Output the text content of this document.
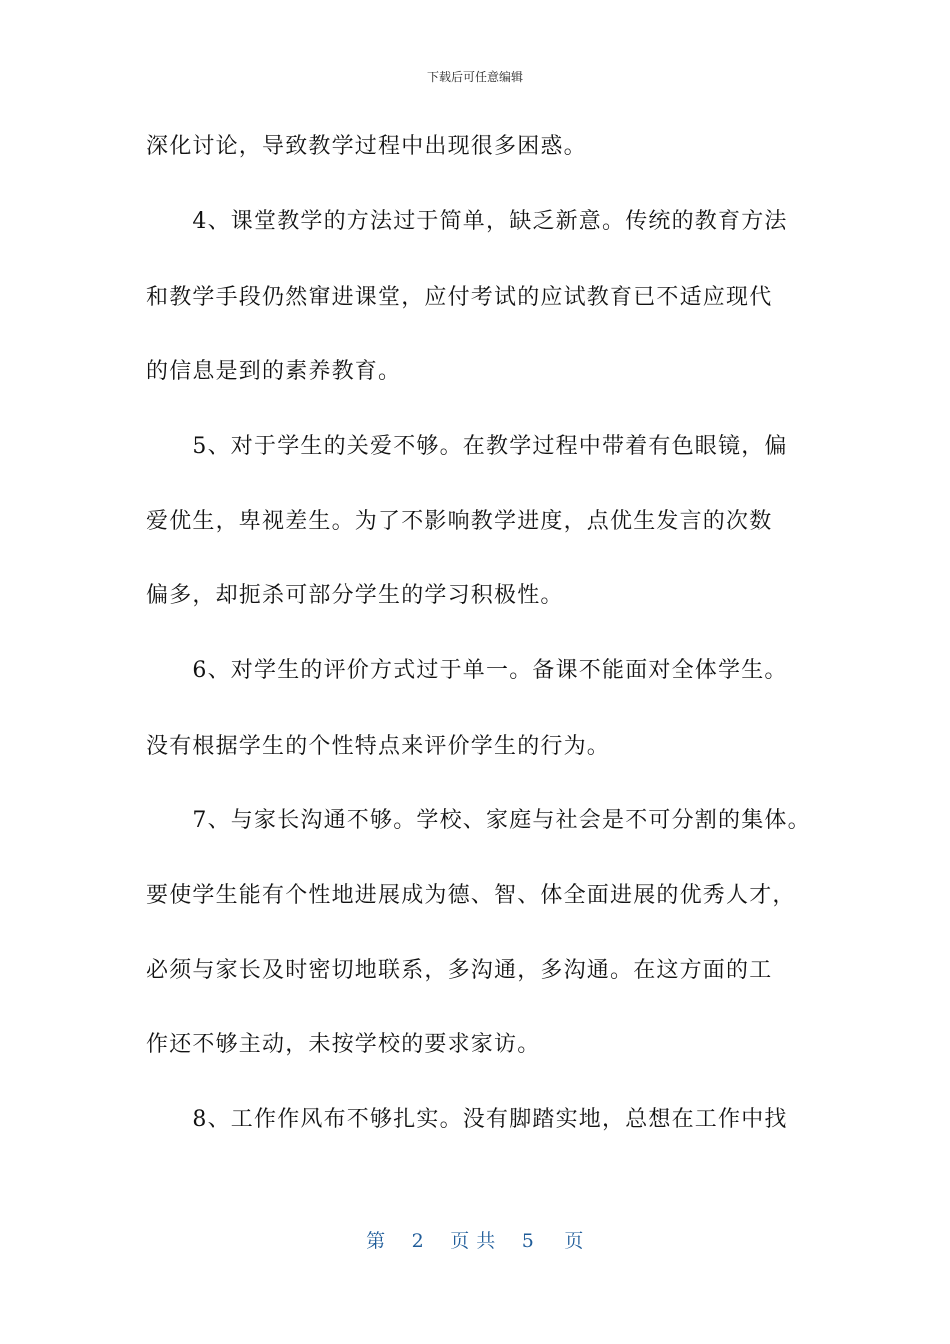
下载后可任意编辑
深化讨论，导致教学过程中出现很多困惑。
　　4、课堂教学的方法过于简单，缺乏新意。传统的教育方法
和教学手段仍然窜进课堂，应付考试的应试教育已不适应现代
的信息是到的素养教育。
　　5、对于学生的关爱不够。在教学过程中带着有色眼镜，偏
爱优生，卑视差生。为了不影响教学进度，点优生发言的次数
偏多，却扼杀可部分学生的学习积极性。
　　6、对学生的评价方式过于单一。备课不能面对全体学生。
没有根据学生的个性特点来评价学生的行为。
　　7、与家长沟通不够。学校、家庭与社会是不可分割的集体。
要使学生能有个性地进展成为德、智、体全面进展的优秀人才，
必须与家长及时密切地联系，多沟通，多沟通。在这方面的工
作还不够主动，未按学校的要求家访。
　　8、工作作风布不够扎实。没有脚踏实地，总想在工作中找
第 2 页 共 5 页
